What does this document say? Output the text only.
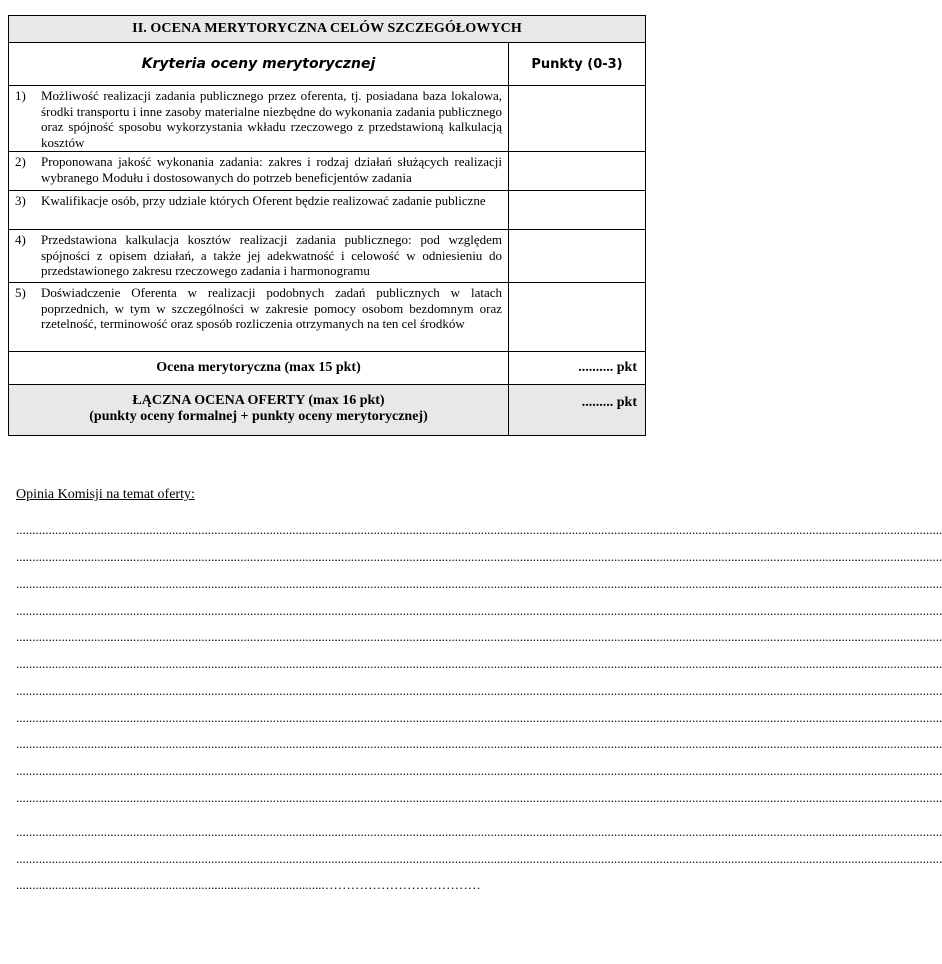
II. OCENA MERYTORYCZNA CELÓW SZCZEGÓŁOWYCH	
Kryteria oceny merytorycznej	Punkty (0-3)

1) Możliwość realizacji zadania publicznego przez oferenta, tj. posiadana baza lokalowa, środki transportu i inne zasoby materialne niezbędne do wykonania zadania publicznego oraz spójność sposobu wykorzystania wkładu rzeczowego z przedstawioną kalkulacją kosztów	

2) Proponowana jakość wykonania zadania: zakres i rodzaj działań służących realizacji wybranego Modułu i dostosowanych do potrzeb beneficjentów zadania	

3) Kwalifikacje osób, przy udziale których Oferent będzie realizować zadanie publiczne	

4) Przedstawiona kalkulacja kosztów realizacji zadania publicznego: pod względem spójności z opisem działań, a także jej adekwatność i celowość w odniesieniu do przedstawionego zakresu rzeczowego zadania i harmonogramu	

5) Doświadczenie Oferenta w realizacji podobnych zadań publicznych w latach poprzednich, w tym w szczególności w zakresie pomocy osobom bezdomnym oraz rzetelność, terminowość oraz sposób rozliczenia otrzymanych na ten cel środków	

Ocena merytoryczna (max 15 pkt)	.......... pkt

ŁĄCZNA OCENA OFERTY (max 16 pkt)
(punkty oceny formalnej + punkty oceny merytorycznej)	......... pkt
Opinia Komisji na temat oferty:
.............................................................................................................................................................................................................................................................................................
.............................................................................................................................................................................................................................................................................................
.............................................................................................................................................................................................................................................................................................
.............................................................................................................................................................................................................................................................................................
.............................................................................................................................................................................................................................................................................................
.............................................................................................................................................................................................................................................................................................
.............................................................................................................................................................................................................................................................................................
.............................................................................................................................................................................................................................................................................................
.............................................................................................................................................................................................................................................................................................
.............................................................................................................................................................................................................................................................................................
.............................................................................................................................................................................................................................................................................................
.............................................................................................................................................................................................................................................................................................
.............................................................................................................................................................................................................................................................................................
...............................................................................................………………………………
